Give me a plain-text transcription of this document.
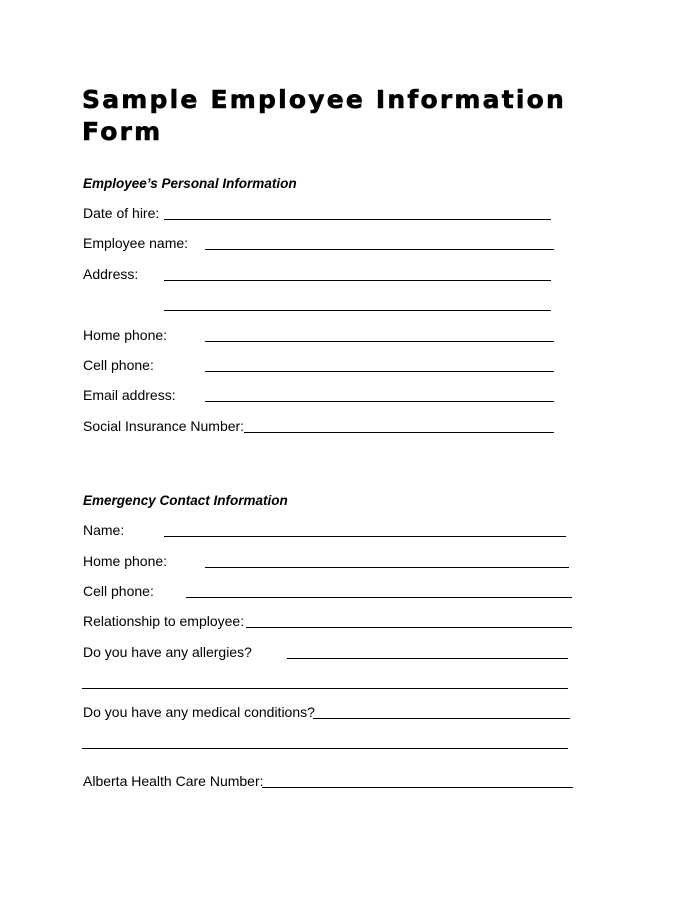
Sample Employee Information
Form
Employee’s Personal Information
Date of hire:
Employee name:
Address:
Home phone:
Cell phone:
Email address:
Social Insurance Number:
Emergency Contact Information
Name:
Home phone:
Cell phone:
Relationship to employee:
Do you have any allergies?
Do you have any medical conditions?
Alberta Health Care Number:
